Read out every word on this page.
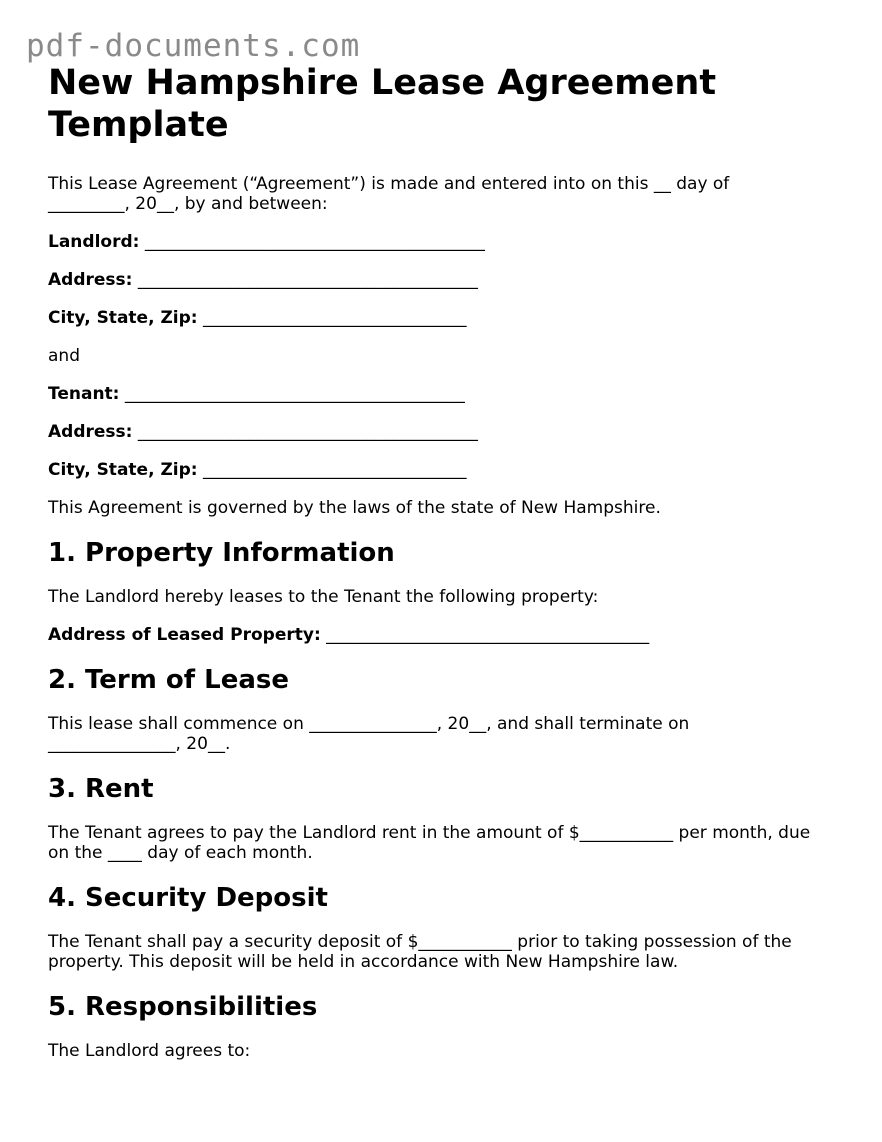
pdf-documents.com
New Hampshire Lease Agreement
Template

This Lease Agreement (“Agreement”) is made and entered into on this __ day of
_________, 20__, by and between:

Landlord: ________________________________________

Address: ________________________________________

City, State, Zip: _______________________________

and

Tenant: ________________________________________

Address: ________________________________________

City, State, Zip: _______________________________

This Agreement is governed by the laws of the state of New Hampshire.

1. Property Information

The Landlord hereby leases to the Tenant the following property:

Address of Leased Property: ______________________________________

2. Term of Lease

This lease shall commence on _______________, 20__, and shall terminate on
_______________, 20__.

3. Rent

The Tenant agrees to pay the Landlord rent in the amount of $___________ per month, due
on the ____ day of each month.

4. Security Deposit

The Tenant shall pay a security deposit of $___________ prior to taking possession of the
property. This deposit will be held in accordance with New Hampshire law.

5. Responsibilities

The Landlord agrees to:
